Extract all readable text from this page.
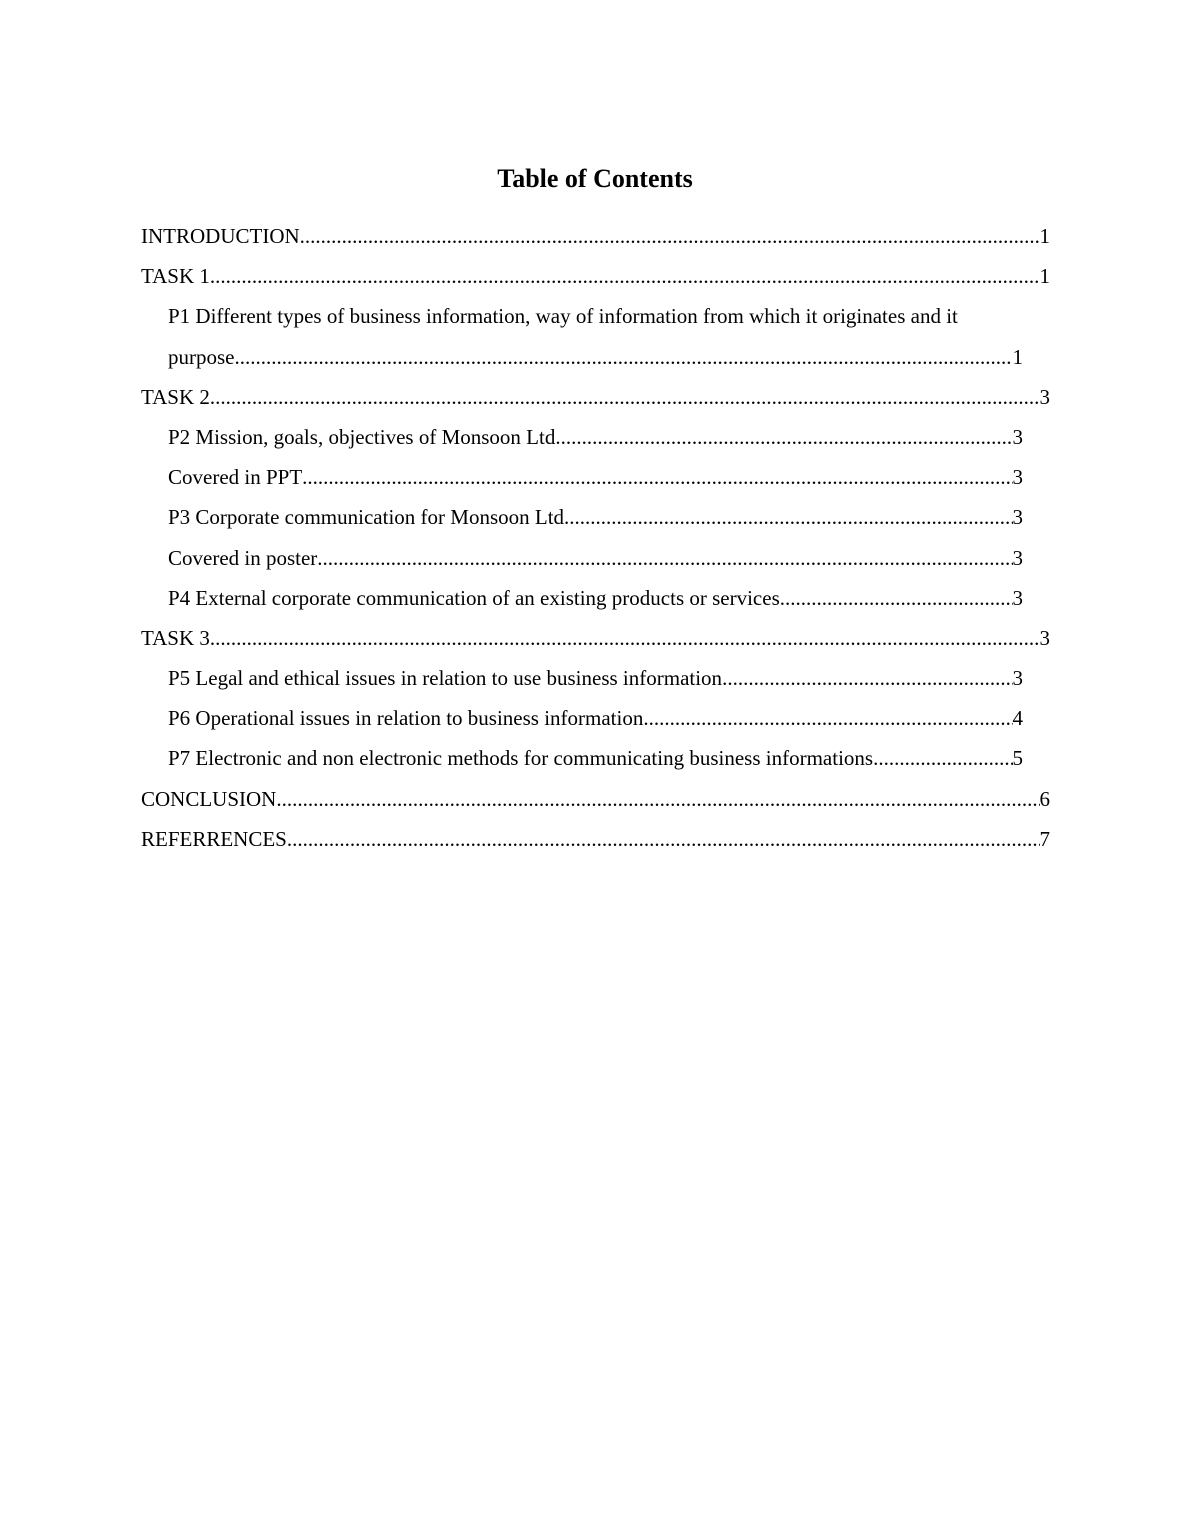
Table of Contents
INTRODUCTION .....	1
TASK 1 .....	1
P1 Different types of business information, way of information from which it originates and it
purpose .....	1
TASK 2 .....	3
P2 Mission, goals, objectives of Monsoon Ltd .....	3
Covered in PPT .....	3
P3 Corporate communication for Monsoon Ltd .....	3
Covered in poster .....	3
P4 External corporate communication of an existing products or services .....	3
TASK 3 .....	3
P5 Legal and ethical issues in relation to use business information .....	3
P6 Operational issues in relation to business information .....	4
P7 Electronic and non electronic methods for communicating business informations .....	5
CONCLUSION .....	6
REFERRENCES .....	7
